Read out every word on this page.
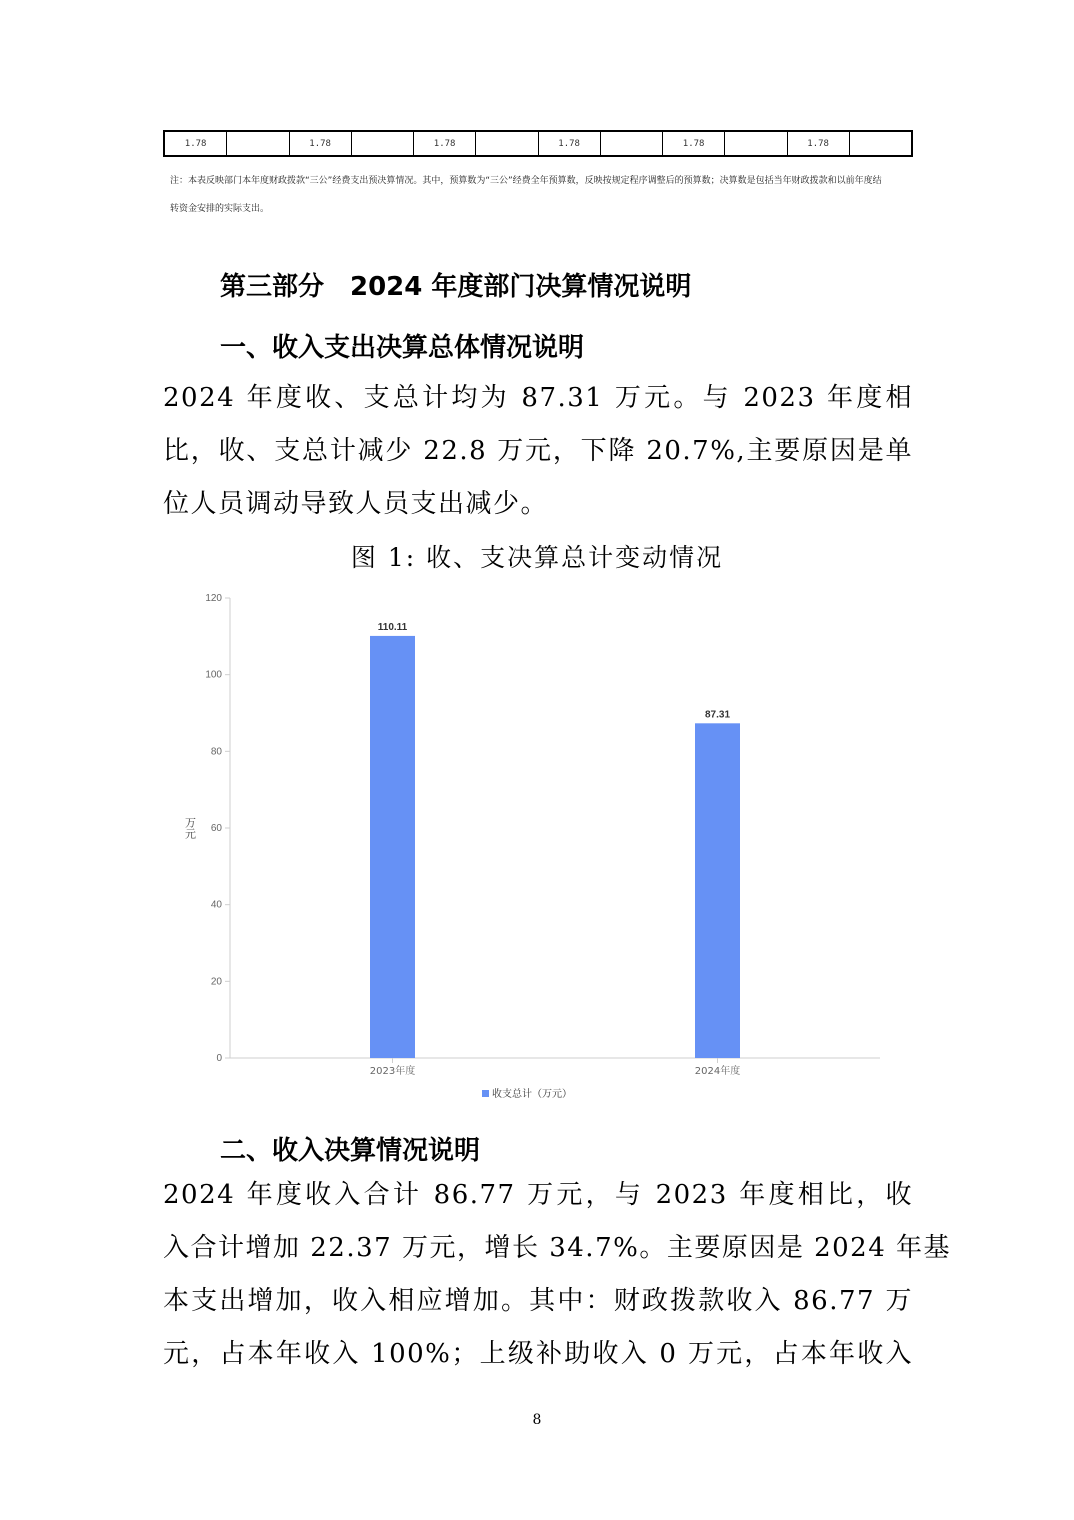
1.78	1.78	1.78	1.78	1.78	1.78
注：本表反映部门本年度财政拨款“三公”经费支出预决算情况。其中，预算数为“三公”经费全年预算数，反映按规定程序调整后的预算数；决算数是包括当年财政拨款和以前年度结
转资金安排的实际支出。
第三部分　2024 年度部门决算情况说明
一、收入支出决算总体情况说明
2024 年度收、支总计均为 87.31 万元。与 2023 年度相
比，收、支总计减少 22.8 万元，下降 20.7%,主要原因是单
位人员调动导致人员支出减少。
图 1: 收、支决算总计变动情况
0
20
40
60
80
100
120
万元
110.11
2023年度
87.31
2024年度
收支总计（万元）
二、收入决算情况说明
2024 年度收入合计 86.77 万元，与 2023 年度相比，收
入合计增加 22.37 万元，增长 34.7%。主要原因是 2024 年基
本支出增加，收入相应增加。其中：财政拨款收入 86.77 万
元，占本年收入 100%；上级补助收入 0 万元，占本年收入
8
